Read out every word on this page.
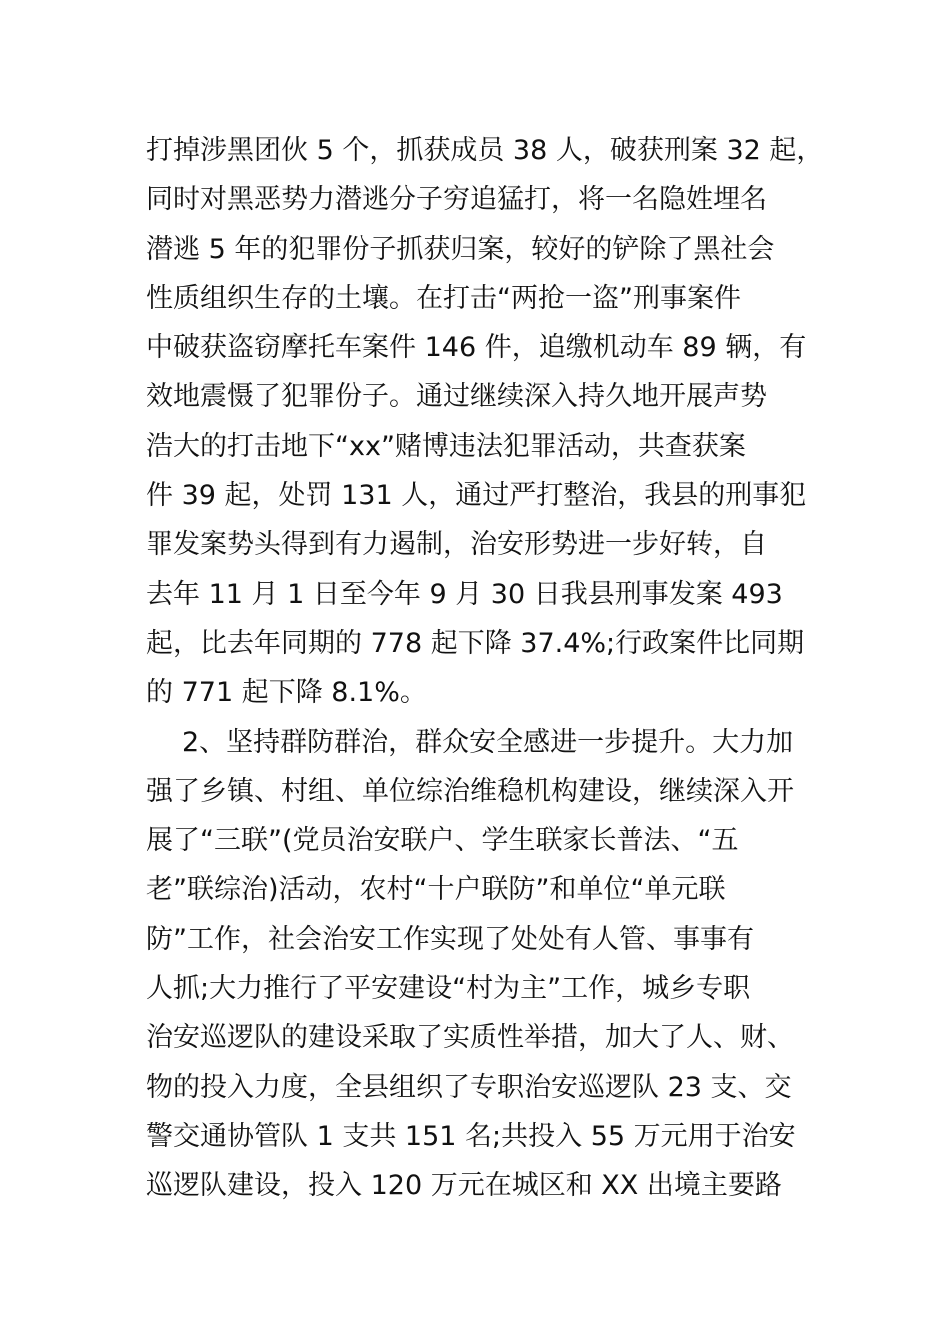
打掉涉黑团伙 5 个，抓获成员 38 人，破获刑案 32 起，
同时对黑恶势力潜逃分子穷追猛打，将一名隐姓埋名
潜逃 5 年的犯罪份子抓获归案，较好的铲除了黑社会
性质组织生存的土壤。在打击“两抢一盗”刑事案件
中破获盗窃摩托车案件 146 件，追缴机动车 89 辆，有
效地震慑了犯罪份子。通过继续深入持久地开展声势
浩大的打击地下“xx”赌博违法犯罪活动，共查获案
件 39 起，处罚 131 人，通过严打整治，我县的刑事犯
罪发案势头得到有力遏制，治安形势进一步好转，自
去年 11 月 1 日至今年 9 月 30 日我县刑事发案 493
起，比去年同期的 778 起下降 37.4%;行政案件比同期
的 771 起下降 8.1%。
2、坚持群防群治，群众安全感进一步提升。大力加
强了乡镇、村组、单位综治维稳机构建设，继续深入开
展了“三联”(党员治安联户、学生联家长普法、“五
老”联综治)活动，农村“十户联防”和单位“单元联
防”工作，社会治安工作实现了处处有人管、事事有
人抓;大力推行了平安建设“村为主”工作，城乡专职
治安巡逻队的建设采取了实质性举措，加大了人、财、
物的投入力度，全县组织了专职治安巡逻队 23 支、交
警交通协管队 1 支共 151 名;共投入 55 万元用于治安
巡逻队建设，投入 120 万元在城区和 XX 出境主要路
